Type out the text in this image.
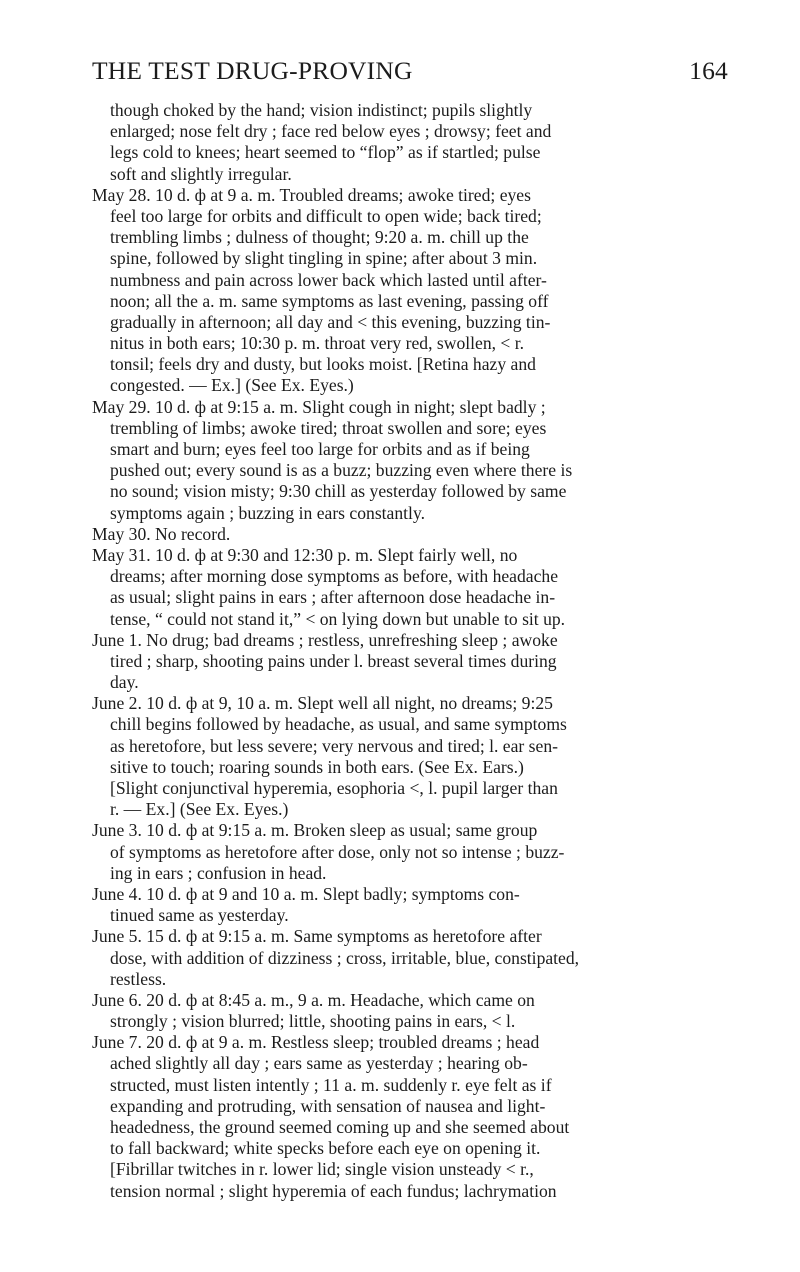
THE TEST DRUG-PROVING	164
though choked by the hand; vision indistinct; pupils slightly
enlarged; nose felt dry ; face red below eyes ; drowsy; feet and
legs cold to knees; heart seemed to “flop” as if startled; pulse
soft and slightly irregular.
May 28. 10 d. ф at 9 a. m. Troubled dreams; awoke tired; eyes
feel too large for orbits and difficult to open wide; back tired;
trembling limbs ; dulness of thought; 9:20 a. m. chill up the
spine, followed by slight tingling in spine; after about 3 min.
numbness and pain across lower back which lasted until after-
noon; all the a. m. same symptoms as last evening, passing off
gradually in afternoon; all day and < this evening, buzzing tin-
nitus in both ears; 10:30 p. m. throat very red, swollen, < r.
tonsil; feels dry and dusty, but looks moist. [Retina hazy and
congested. — Ex.] (See Ex. Eyes.)
May 29. 10 d. ф at 9:15 a. m. Slight cough in night; slept badly ;
trembling of limbs; awoke tired; throat swollen and sore; eyes
smart and burn; eyes feel too large for orbits and as if being
pushed out; every sound is as a buzz; buzzing even where there is
no sound; vision misty; 9:30 chill as yesterday followed by same
symptoms again ; buzzing in ears constantly.
May 30. No record.
May 31. 10 d. ф at 9:30 and 12:30 p. m. Slept fairly well, no
dreams; after morning dose symptoms as before, with headache
as usual; slight pains in ears ; after afternoon dose headache in-
tense, “ could not stand it,” < on lying down but unable to sit up.
June 1. No drug; bad dreams ; restless, unrefreshing sleep ; awoke
tired ; sharp, shooting pains under l. breast several times during
day.
June 2. 10 d. ф at 9, 10 a. m. Slept well all night, no dreams; 9:25
chill begins followed by headache, as usual, and same symptoms
as heretofore, but less severe; very nervous and tired; l. ear sen-
sitive to touch; roaring sounds in both ears. (See Ex. Ears.)
[Slight conjunctival hyperemia, esophoria <, l. pupil larger than
r. — Ex.] (See Ex. Eyes.)
June 3. 10 d. ф at 9:15 a. m. Broken sleep as usual; same group
of symptoms as heretofore after dose, only not so intense ; buzz-
ing in ears ; confusion in head.
June 4. 10 d. ф at 9 and 10 a. m. Slept badly; symptoms con-
tinued same as yesterday.
June 5. 15 d. ф at 9:15 a. m. Same symptoms as heretofore after
dose, with addition of dizziness ; cross, irritable, blue, constipated,
restless.
June 6. 20 d. ф at 8:45 a. m., 9 a. m. Headache, which came on
strongly ; vision blurred; little, shooting pains in ears, < l.
June 7. 20 d. ф at 9 a. m. Restless sleep; troubled dreams ; head
ached slightly all day ; ears same as yesterday ; hearing ob-
structed, must listen intently ; 11 a. m. suddenly r. eye felt as if
expanding and protruding, with sensation of nausea and light-
headedness, the ground seemed coming up and she seemed about
to fall backward; white specks before each eye on opening it.
[Fibrillar twitches in r. lower lid; single vision unsteady < r.,
tension normal ; slight hyperemia of each fundus; lachrymation
